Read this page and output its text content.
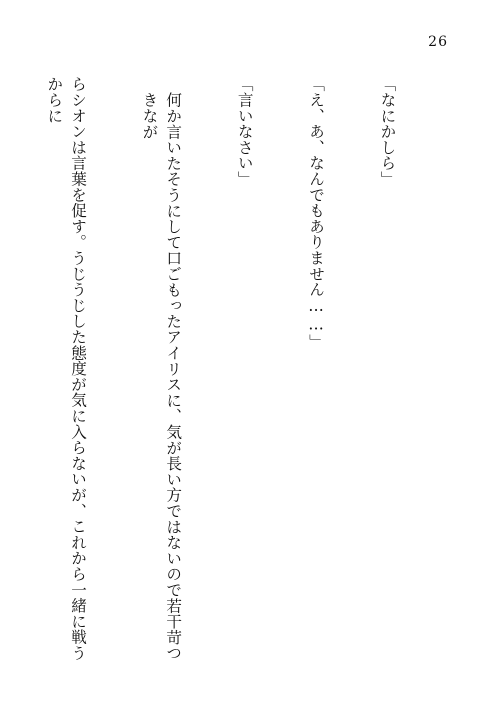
26

「なにかしら」

「え、あ、なんでもありません……」

「言いなさい」

何か言いたそうにして口ごもったアイリスに、気が長い方ではないので若干苛つきなが

らシオンは言葉を促す。うじうじした態度が気に入らないが、これから一緒に戦うからに
